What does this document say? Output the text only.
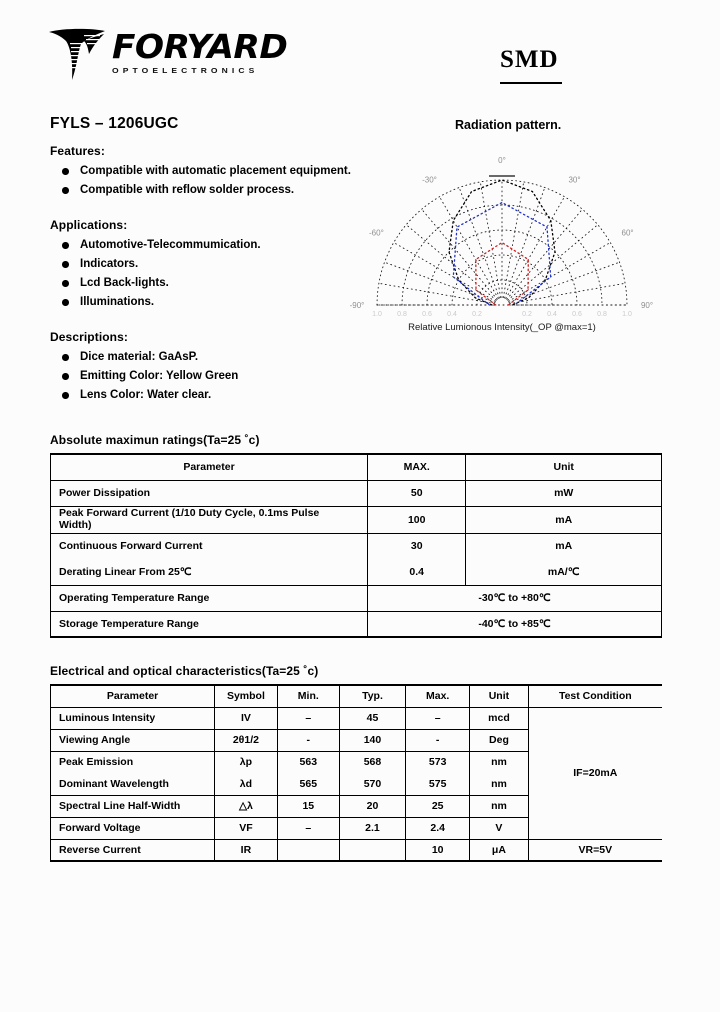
FORYARD
OPTOELECTRONICS	SMD
FYLS – 1206UGC	Radiation pattern.
Features:
Compatible with automatic placement equipment.
Compatible with reflow solder process.
Applications:
Automotive-Telecommumication.
Indicators.
Lcd Back-lights.
Illuminations.
Descriptions:
Dice material: GaAsP.
Emitting Color: Yellow Green
Lens Color: Water clear.
-90°
-60°
-30°
0°
30°
60°
90°
0.2	0.2
0.4	0.4
0.6	0.6
0.8	0.8
1.0	1.0
Relative Lumionous Intensity(_OP @max=1)
Absolute maximun ratings(Ta=25 ˚c)
Parameter	MAX.	Unit
Power Dissipation	50	mW
Peak Forward Current (1/10 Duty Cycle, 0.1ms Pulse
Width)	100	mA
Continuous Forward Current	30	mA
Derating Linear From 25℃	0.4	mA/℃
Operating Temperature Range	-30℃ to +80℃	
Storage Temperature Range	-40℃ to +85℃	
Electrical and optical characteristics(Ta=25 ˚c)
Parameter	Symbol	Min.	Typ.	Max.	Unit	Test Condition
Luminous Intensity	IV	–	45	–	mcd	IF=20mA
Viewing Angle	2θ1/2	-	140	-	Deg	
Peak Emission	λp	563	568	573	nm	
Dominant Wavelength	λd	565	570	575	nm	
Spectral Line Half-Width	△λ	15	20	25	nm	
Forward Voltage	VF	–	2.1	2.4	V	
Reverse Current	IR			10	μA	VR=5V
